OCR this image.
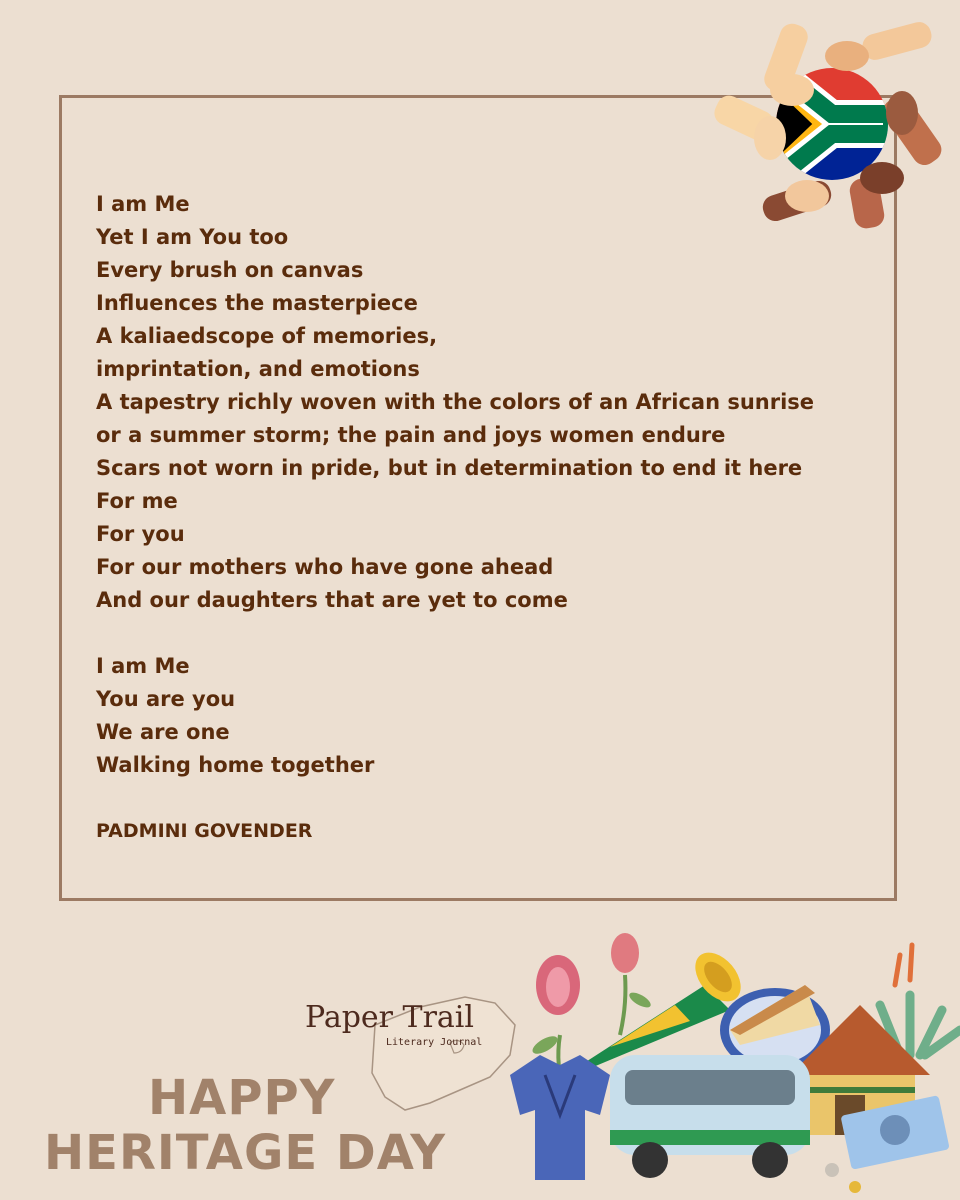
I am Me
Yet I am You too
Every brush on canvas
Influences the masterpiece
A kaliaedscope of memories,
imprintation, and emotions
A tapestry richly woven with the colors of an African sunrise
or a summer storm; the pain and joys women endure
Scars not worn in pride, but in determination to end it here
For me
For you
For our mothers who have gone ahead
And our daughters that are yet to come
I am Me
You are you
We are one
Walking home together
PADMINI GOVENDER
Paper Trail
Literary Journal
HAPPY
HERITAGE DAY
